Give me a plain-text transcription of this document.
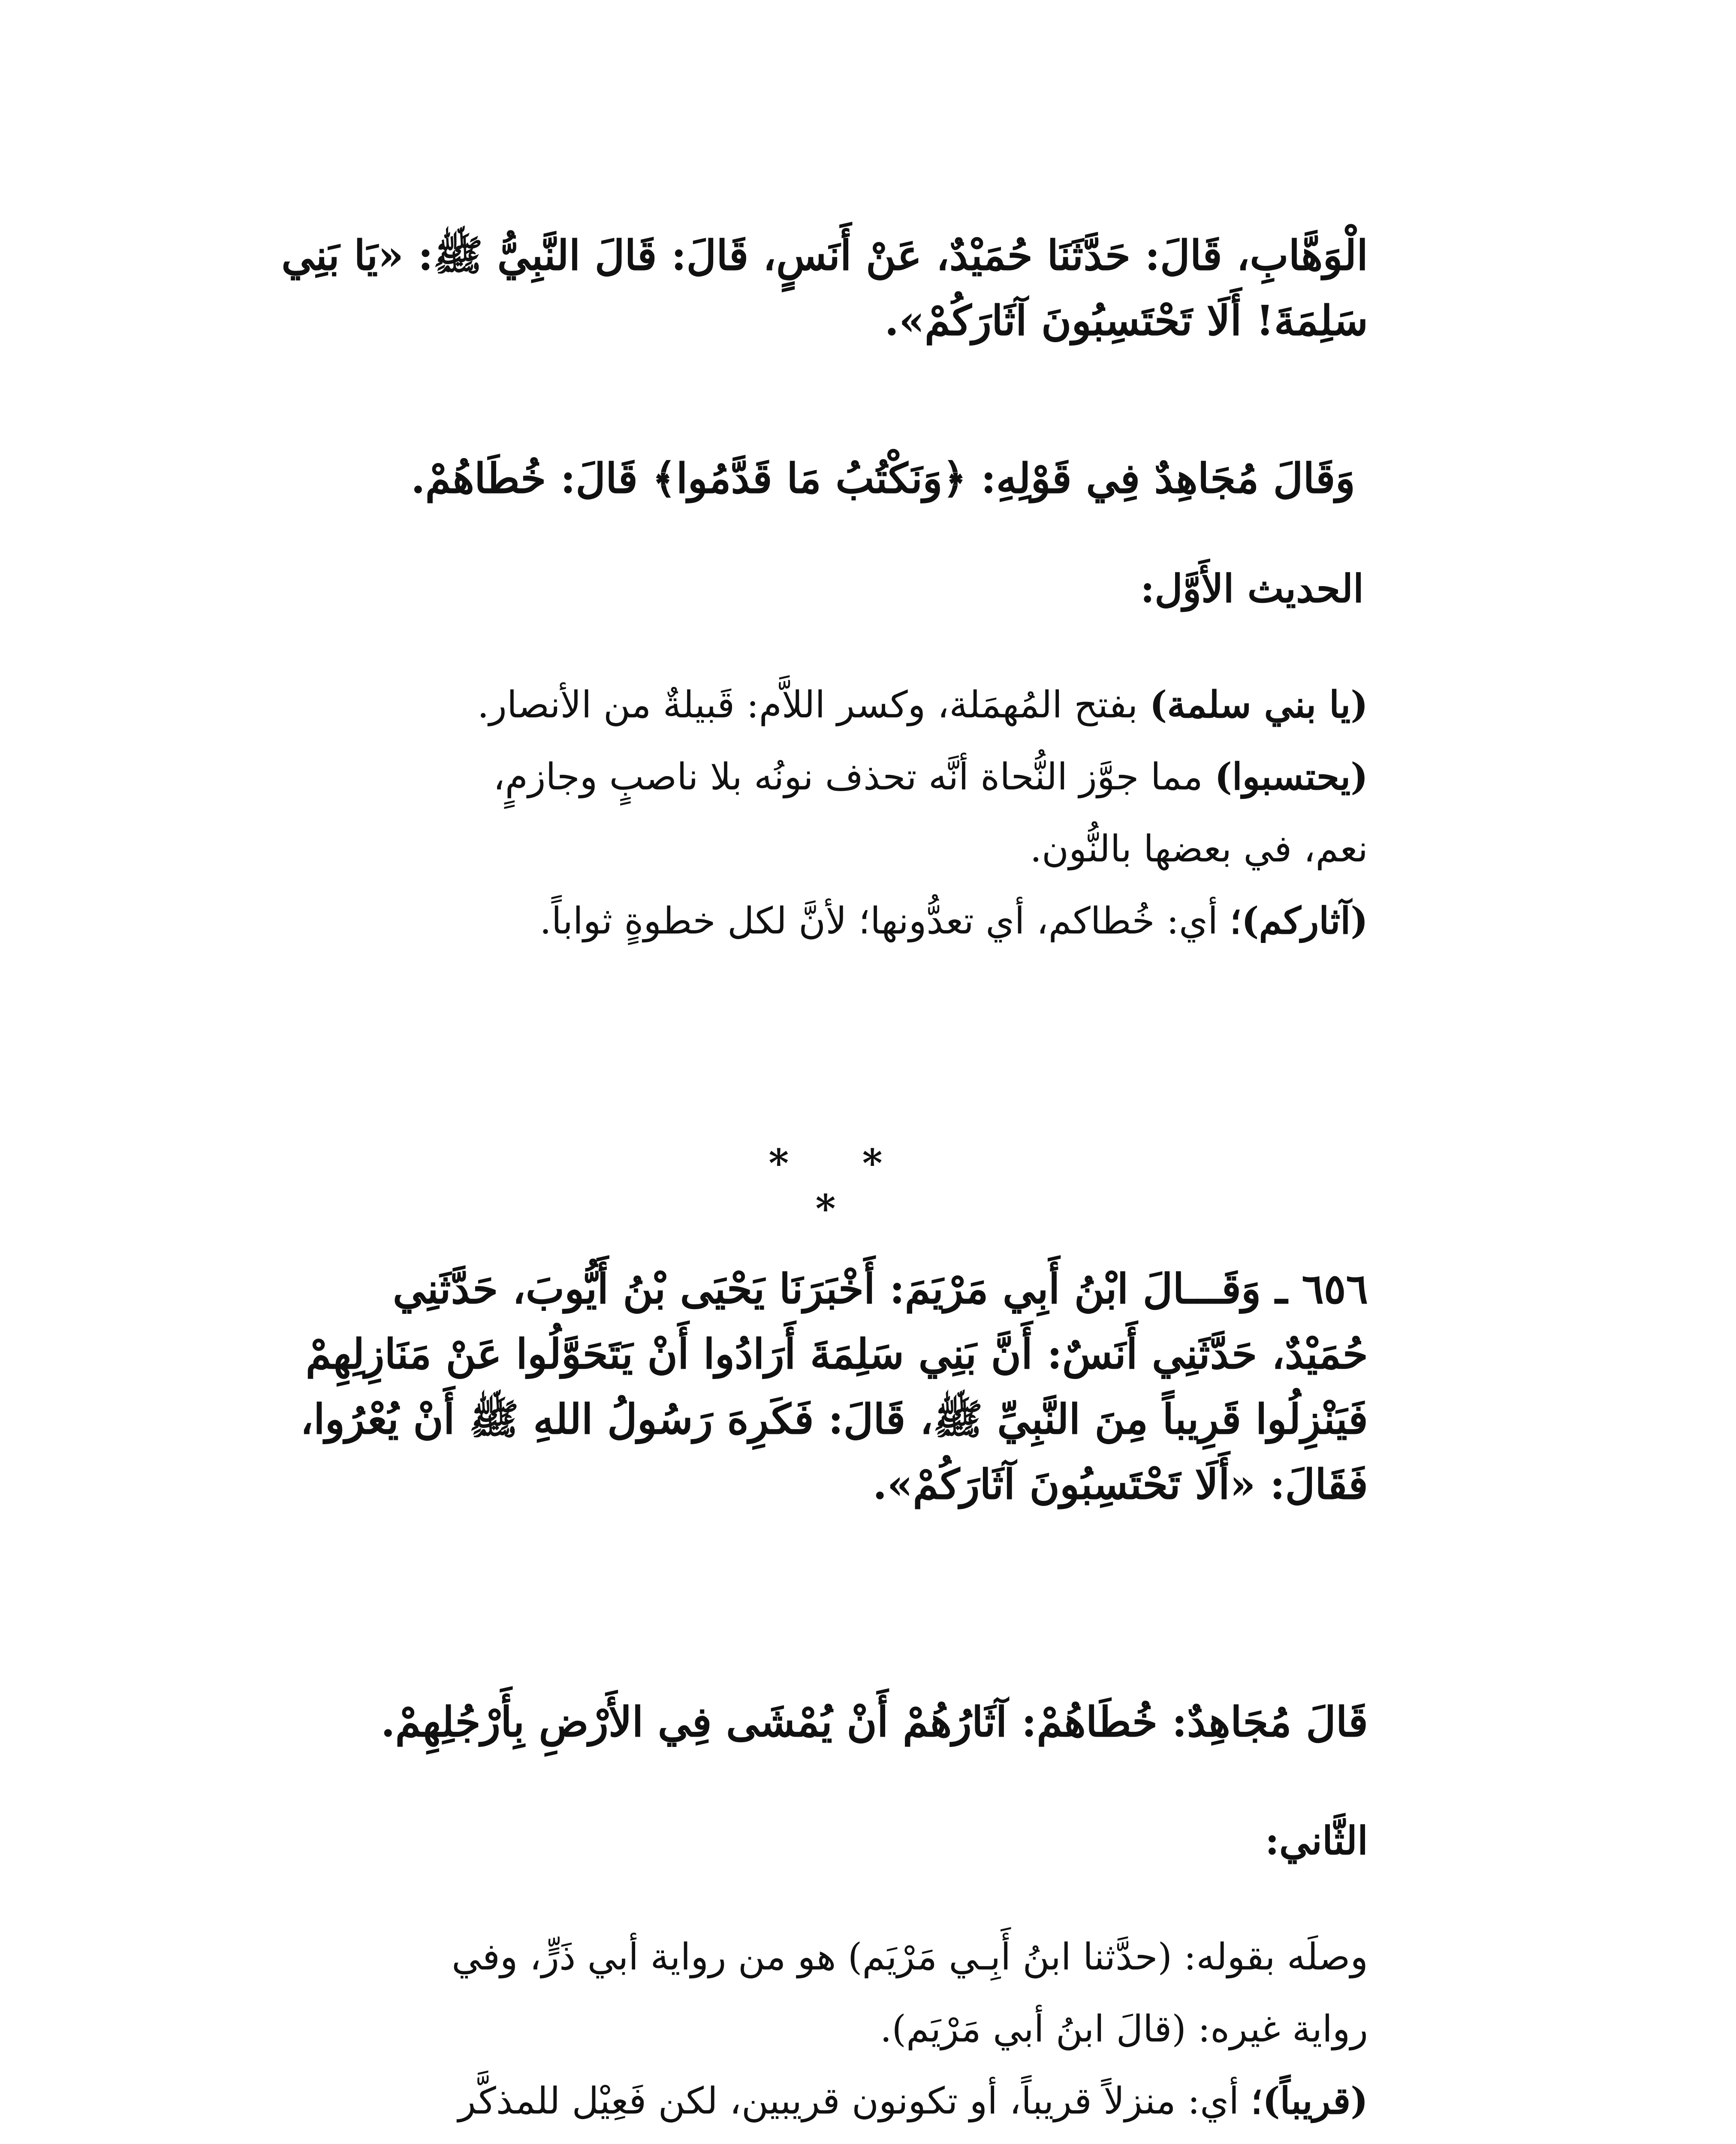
الْوَهَّابِ، قَالَ: حَدَّثَنَا حُمَيْدٌ، عَنْ أَنَسٍ، قَالَ: قَالَ النَّبِيُّ ﷺ: «يَا بَنِي
سَلِمَةَ! أَلَا تَحْتَسِبُونَ آثَارَكُمْ».
وَقَالَ مُجَاهِدٌ فِي قَوْلِهِ: ﴿وَنَكْتُبُ مَا قَدَّمُوا﴾ قَالَ: خُطَاهُمْ.
الحديث الأَوَّل:
(يا بني سلمة) بفتح المُهمَلة، وكسر اللاَّم: قَبيلةٌ من الأنصار.
(يحتسبوا) مما جوَّز النُّحاة أنَّه تحذف نونُه بلا ناصبٍ وجازمٍ،
نعم، في بعضها بالنُّون.
(آثاركم)؛ أي: خُطاكم، أي تعدُّونها؛ لأنَّ لكل خطوةٍ ثواباً.
* * *
٦٥٦ ـ وَقَـــالَ ابْنُ أَبِي مَرْيَمَ: أَخْبَرَنَا يَحْيَى بْنُ أَيُّوبَ، حَدَّثَنِي
حُمَيْدٌ، حَدَّثَنِي أَنَسٌ: أَنَّ بَنِي سَلِمَةَ أَرَادُوا أَنْ يَتَحَوَّلُوا عَنْ مَنَازِلِهِمْ
فَيَنْزِلُوا قَرِيباً مِنَ النَّبِيِّ ﷺ، قَالَ: فَكَرِهَ رَسُولُ اللهِ ﷺ أَنْ يُعْرُوا،
فَقَالَ: «أَلَا تَحْتَسِبُونَ آثَارَكُمْ».
قَالَ مُجَاهِدٌ: خُطَاهُمْ: آثَارُهُمْ أَنْ يُمْشَى فِي الأَرْضِ بِأَرْجُلِهِمْ.
الثَّاني:
وصلَه بقوله: (حدَّثنا ابنُ أَبِـي مَرْيَم) هو من رواية أبي ذَرٍّ، وفي
رواية غيره: (قالَ ابنُ أبي مَرْيَم).
(قريباً)؛ أي: منزلاً قريباً، أو تكونون قريبين، لكن فَعِيْل للمذكَّر
